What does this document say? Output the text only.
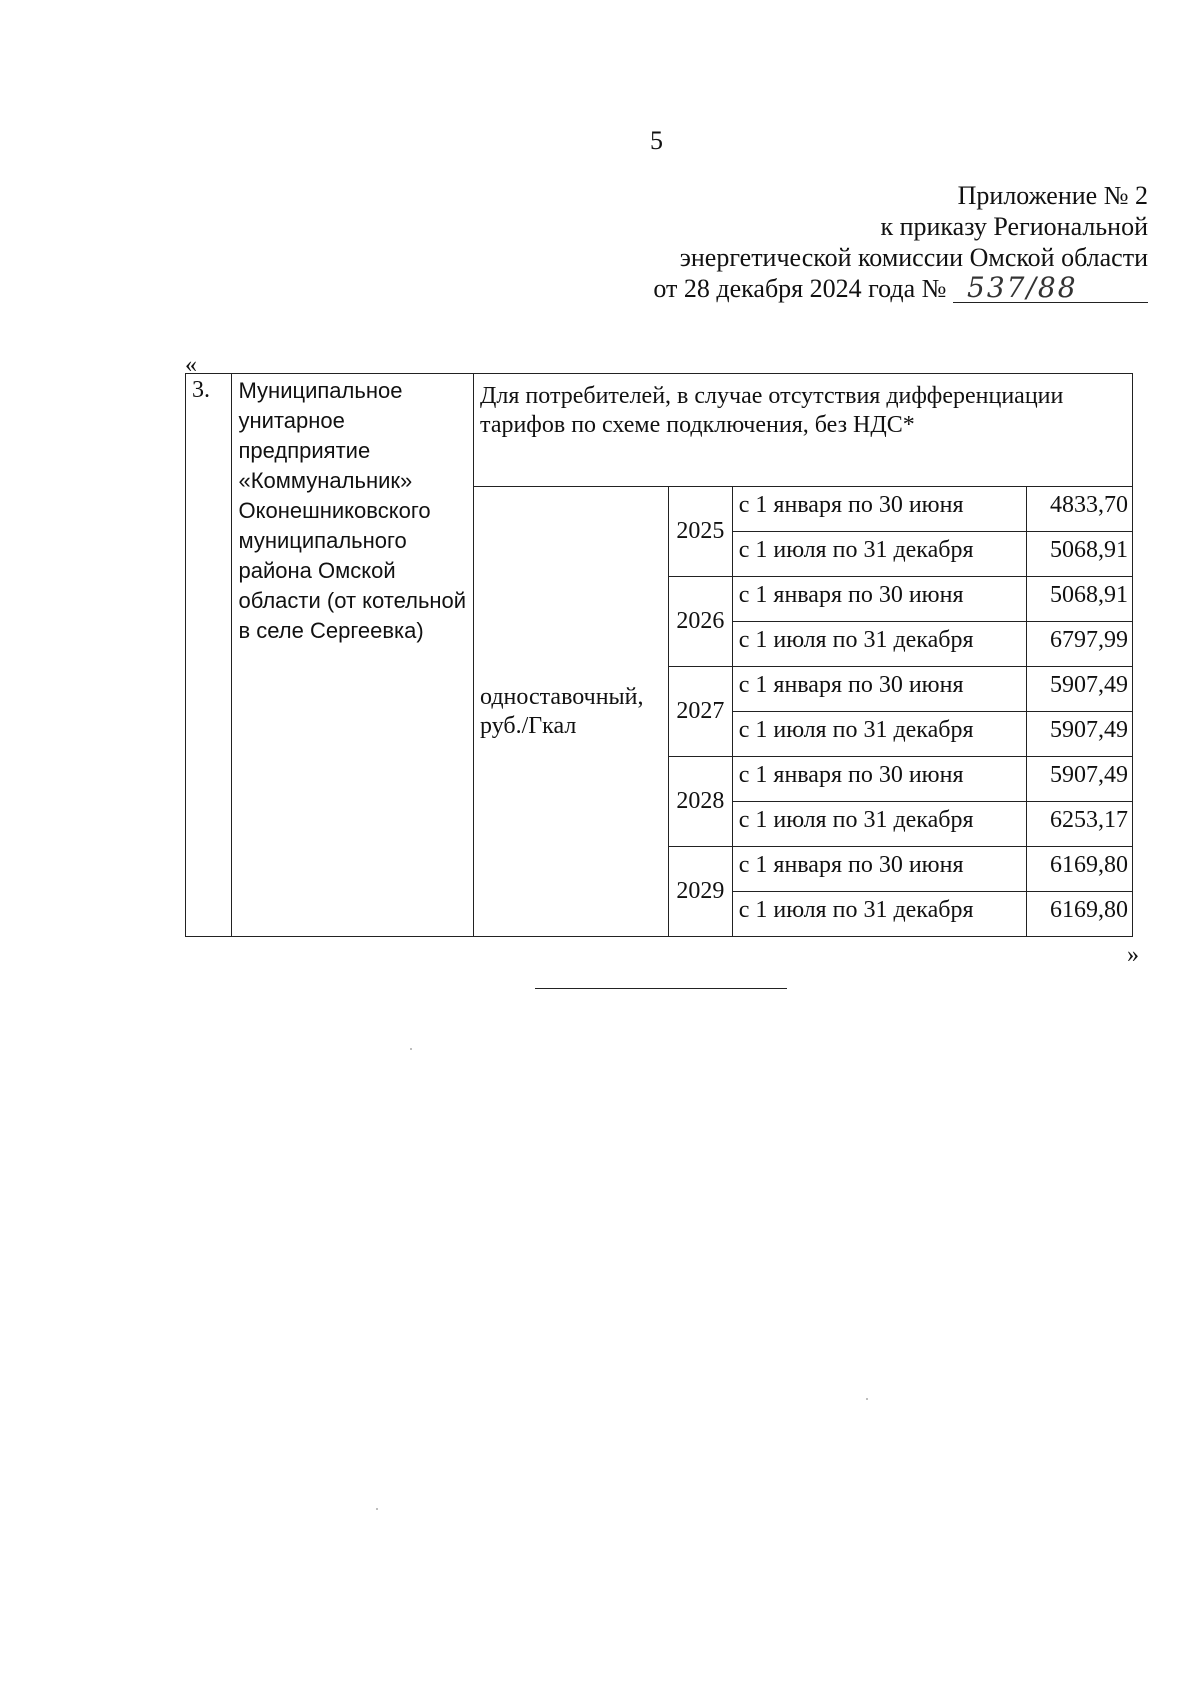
5
Приложение № 2
к приказу Региональной
энергетической комиссии Омской области
от 28 декабря 2024 года № 537/88
«
3.	Муниципальное унитарное предприятие «Коммунальник» Оконешниковского муниципального района Омской области (от котельной в селе Сергеевка)	Для потребителей, в случае отсутствия дифференциации тарифов по схеме подключения, без НДС*			
		одноставочный, руб./Гкал	2025	с 1 января по 30 июня	4833,70
				с 1 июля по 31 декабря	5068,91
			2026	с 1 января по 30 июня	5068,91
				с 1 июля по 31 декабря	6797,99
			2027	с 1 января по 30 июня	5907,49
				с 1 июля по 31 декабря	5907,49
			2028	с 1 января по 30 июня	5907,49
				с 1 июля по 31 декабря	6253,17
			2029	с 1 января по 30 июня	6169,80
				с 1 июля по 31 декабря	6169,80
»
